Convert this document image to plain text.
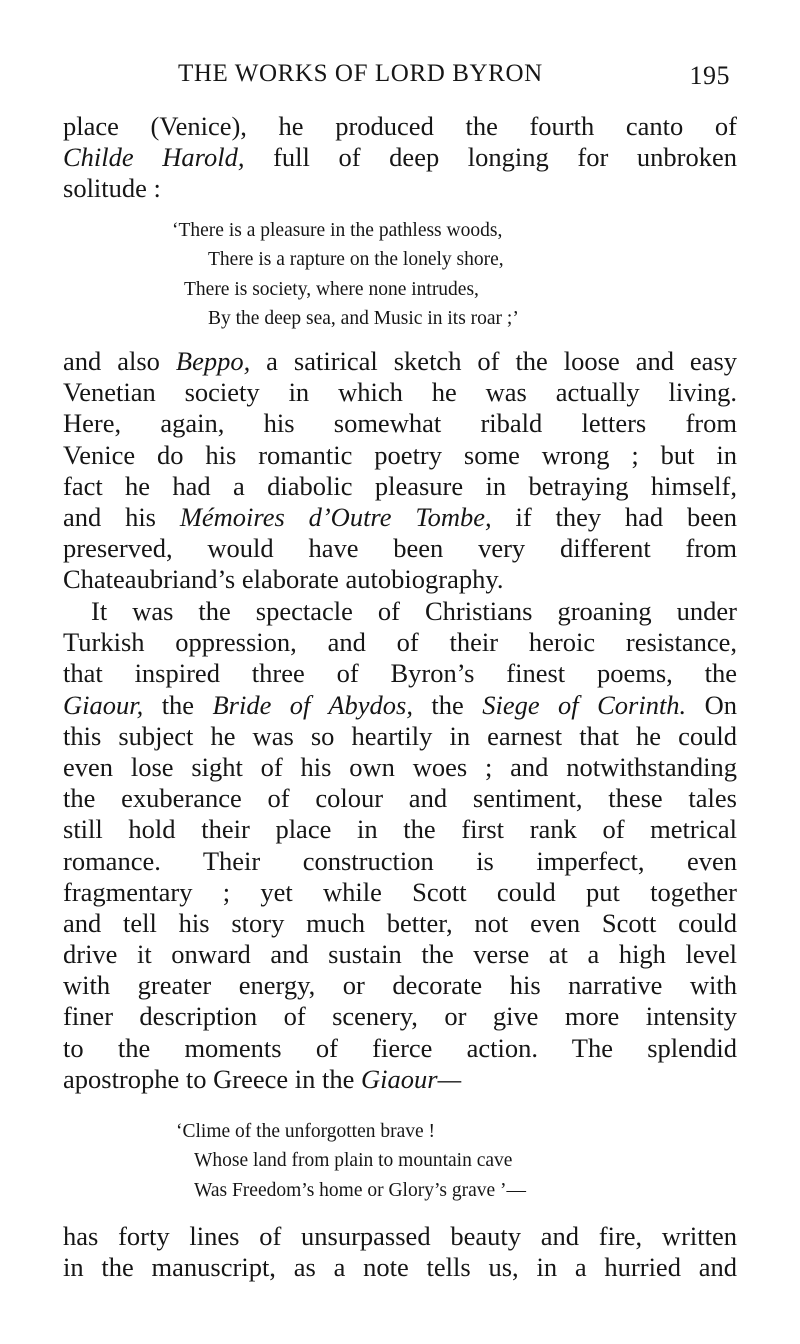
THE WORKS OF LORD BYRON	195
place (Venice), he produced the fourth canto of
Childe Harold, full of deep longing for unbroken
solitude :
‘There is a pleasure in the pathless woods,
There is a rapture on the lonely shore,
There is society, where none intrudes,
By the deep sea, and Music in its roar ;’
and also Beppo, a satirical sketch of the loose and easy
Venetian society in which he was actually living.
Here, again, his somewhat ribald letters from
Venice do his romantic poetry some wrong ; but in
fact he had a diabolic pleasure in betraying himself,
and his Mémoires d’Outre Tombe, if they had been
preserved, would have been very different from
Chateaubriand’s elaborate autobiography.
It was the spectacle of Christians groaning under
Turkish oppression, and of their heroic resistance,
that inspired three of Byron’s finest poems, the
Giaour, the Bride of Abydos, the Siege of Corinth. On
this subject he was so heartily in earnest that he could
even lose sight of his own woes ; and notwithstanding
the exuberance of colour and sentiment, these tales
still hold their place in the first rank of metrical
romance. Their construction is imperfect, even
fragmentary ; yet while Scott could put together
and tell his story much better, not even Scott could
drive it onward and sustain the verse at a high level
with greater energy, or decorate his narrative with
finer description of scenery, or give more intensity
to the moments of fierce action. The splendid
apostrophe to Greece in the Giaour—
‘Clime of the unforgotten brave !
Whose land from plain to mountain cave
Was Freedom’s home or Glory’s grave ’—
has forty lines of unsurpassed beauty and fire, written
in the manuscript, as a note tells us, in a hurried and
